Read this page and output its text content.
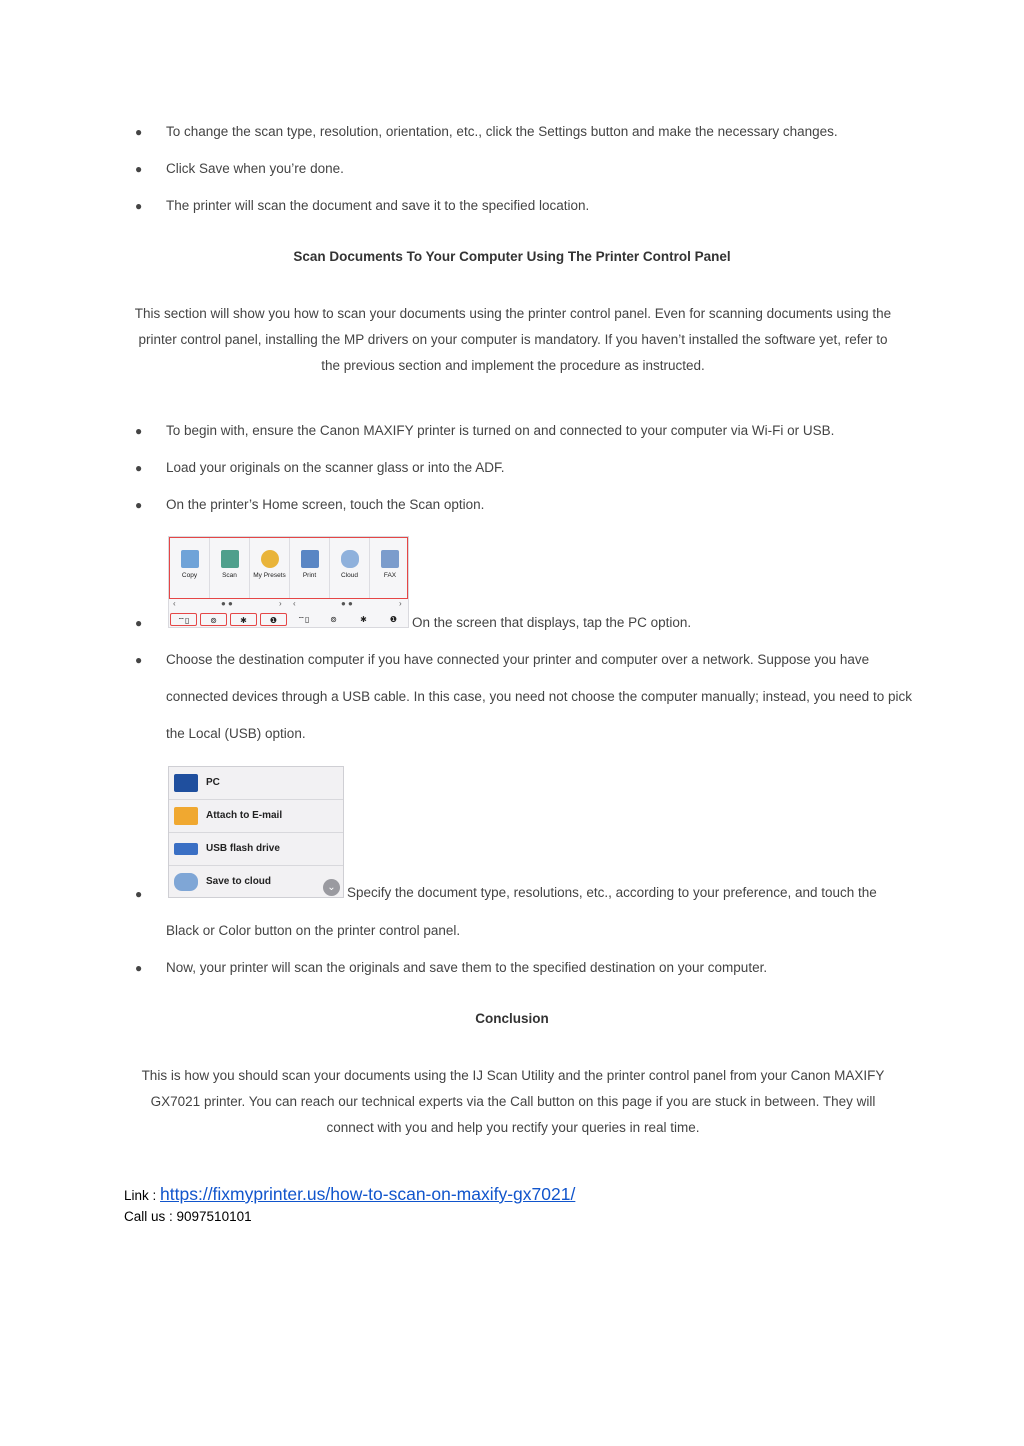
● To change the scan type, resolution, orientation, etc., click the Settings button and make the necessary changes.
● Click Save when you’re done.
● The printer will scan the document and save it to the specified location.
Scan Documents To Your Computer Using The Printer Control Panel
This section will show you how to scan your documents using the printer control panel. Even for scanning documents using the
printer control panel, installing the MP drivers on your computer is mandatory. If you haven’t installed the software yet, refer to
the previous section and implement the procedure as instructed.
● To begin with, ensure the Canon MAXIFY printer is turned on and connected to your computer via Wi-Fi or USB.
● Load your originals on the scanner glass or into the ADF.
● On the printer’s Home screen, touch the Scan option.
●
Copy	Scan	My Presets	Print	Cloud	FAX
‹	● ●	› ‹	● ●	›
⌔▯	⊚	✱	❶	⌔▯	⊚	✱	❶	On the screen that displays, tap the PC option.
● Choose the destination computer if you have connected your printer and computer over a network. Suppose you have
connected devices through a USB cable. In this case, you need not choose the computer manually; instead, you need to pick
the Local (USB) option.
●
PC
Attach to E-mail
USB flash drive
Save to cloud
⌄ Specify the document type, resolutions, etc., according to your preference, and touch the
Black or Color button on the printer control panel.
● Now, your printer will scan the originals and save them to the specified destination on your computer.
Conclusion
This is how you should scan your documents using the IJ Scan Utility and the printer control panel from your Canon MAXIFY
GX7021 printer. You can reach our technical experts via the Call button on this page if you are stuck in between. They will
connect with you and help you rectify your queries in real time.
Link : https://fixmyprinter.us/how-to-scan-on-maxify-gx7021/
Call us : 9097510101
